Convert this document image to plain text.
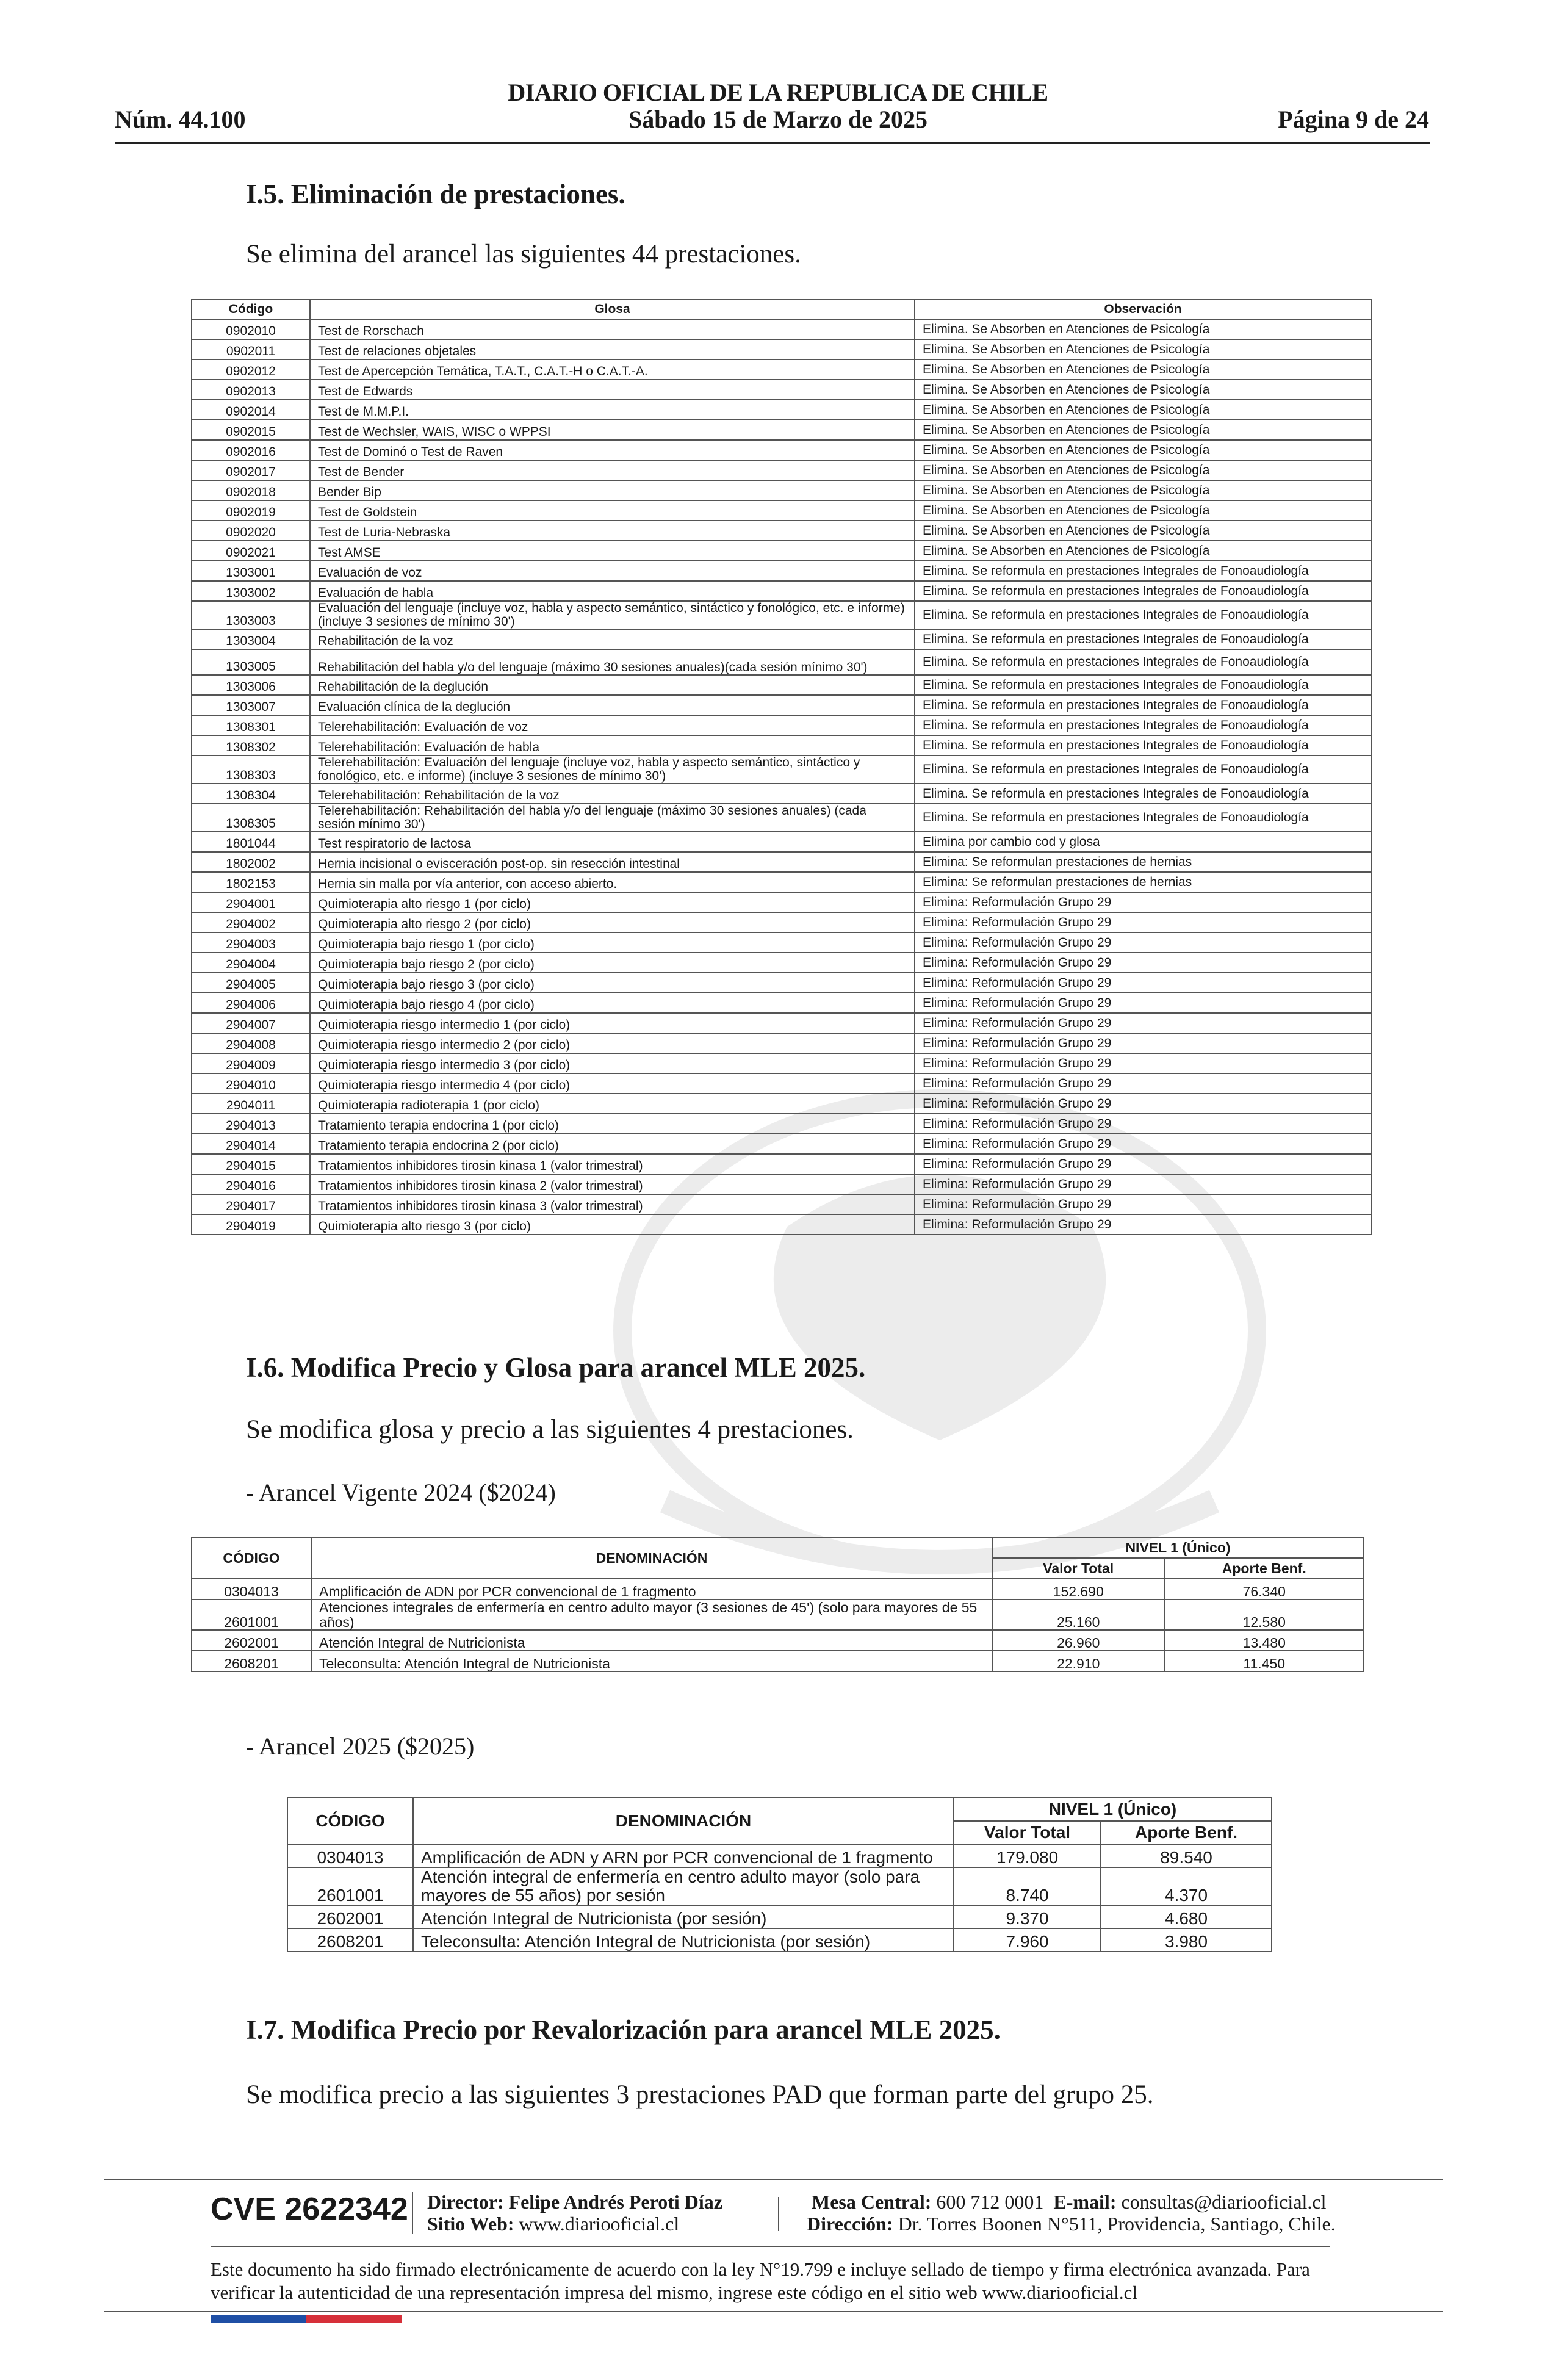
DIARIO OFICIAL DE LA REPUBLICA DE CHILE
Núm. 44.100	Sábado 15 de Marzo de 2025	Página 9 de 24
I.5. Eliminación de prestaciones.
Se elimina del arancel las siguientes 44 prestaciones.
Código	Glosa	Observación
0902010	Test de Rorschach	Elimina. Se Absorben en Atenciones de Psicología
0902011	Test de relaciones objetales	Elimina. Se Absorben en Atenciones de Psicología
0902012	Test de Apercepción Temática, T.A.T., C.A.T.-H o C.A.T.-A.	Elimina. Se Absorben en Atenciones de Psicología
0902013	Test de Edwards	Elimina. Se Absorben en Atenciones de Psicología
0902014	Test de M.M.P.I.	Elimina. Se Absorben en Atenciones de Psicología
0902015	Test de Wechsler, WAIS, WISC o WPPSI	Elimina. Se Absorben en Atenciones de Psicología
0902016	Test de Dominó o Test de Raven	Elimina. Se Absorben en Atenciones de Psicología
0902017	Test de Bender	Elimina. Se Absorben en Atenciones de Psicología
0902018	Bender Bip	Elimina. Se Absorben en Atenciones de Psicología
0902019	Test de Goldstein	Elimina. Se Absorben en Atenciones de Psicología
0902020	Test de Luria-Nebraska	Elimina. Se Absorben en Atenciones de Psicología
0902021	Test AMSE	Elimina. Se Absorben en Atenciones de Psicología
1303001	Evaluación de voz	Elimina. Se reformula en prestaciones Integrales de Fonoaudiología
1303002	Evaluación de habla	Elimina. Se reformula en prestaciones Integrales de Fonoaudiología
1303003	Evaluación del lenguaje (incluye voz, habla y aspecto semántico, sintáctico y fonológico, etc. e informe) (incluye 3 sesiones de mínimo 30')	Elimina. Se reformula en prestaciones Integrales de Fonoaudiología
1303004	Rehabilitación de la voz	Elimina. Se reformula en prestaciones Integrales de Fonoaudiología
1303005	Rehabilitación del habla y/o del lenguaje (máximo 30 sesiones anuales)(cada sesión mínimo 30')	Elimina. Se reformula en prestaciones Integrales de Fonoaudiología
1303006	Rehabilitación de la deglución	Elimina. Se reformula en prestaciones Integrales de Fonoaudiología
1303007	Evaluación clínica de la deglución	Elimina. Se reformula en prestaciones Integrales de Fonoaudiología
1308301	Telerehabilitación: Evaluación de voz	Elimina. Se reformula en prestaciones Integrales de Fonoaudiología
1308302	Telerehabilitación: Evaluación de habla	Elimina. Se reformula en prestaciones Integrales de Fonoaudiología
1308303	Telerehabilitación: Evaluación del lenguaje (incluye voz, habla y aspecto semántico, sintáctico y fonológico, etc. e informe) (incluye 3 sesiones de mínimo 30')	Elimina. Se reformula en prestaciones Integrales de Fonoaudiología
1308304	Telerehabilitación: Rehabilitación de la voz	Elimina. Se reformula en prestaciones Integrales de Fonoaudiología
1308305	Telerehabilitación: Rehabilitación del habla y/o del lenguaje (máximo 30 sesiones anuales) (cada sesión mínimo 30')	Elimina. Se reformula en prestaciones Integrales de Fonoaudiología
1801044	Test respiratorio de lactosa	Elimina por cambio cod y glosa
1802002	Hernia incisional o evisceración post-op. sin resección intestinal	Elimina: Se reformulan prestaciones de hernias
1802153	Hernia sin malla por vía anterior, con acceso abierto.	Elimina: Se reformulan prestaciones de hernias
2904001	Quimioterapia alto riesgo 1 (por ciclo)	Elimina: Reformulación Grupo 29
2904002	Quimioterapia alto riesgo 2 (por ciclo)	Elimina: Reformulación Grupo 29
2904003	Quimioterapia bajo riesgo 1 (por ciclo)	Elimina: Reformulación Grupo 29
2904004	Quimioterapia bajo riesgo 2 (por ciclo)	Elimina: Reformulación Grupo 29
2904005	Quimioterapia bajo riesgo 3 (por ciclo)	Elimina: Reformulación Grupo 29
2904006	Quimioterapia bajo riesgo 4 (por ciclo)	Elimina: Reformulación Grupo 29
2904007	Quimioterapia riesgo intermedio 1 (por ciclo)	Elimina: Reformulación Grupo 29
2904008	Quimioterapia riesgo intermedio 2 (por ciclo)	Elimina: Reformulación Grupo 29
2904009	Quimioterapia riesgo intermedio 3 (por ciclo)	Elimina: Reformulación Grupo 29
2904010	Quimioterapia riesgo intermedio 4 (por ciclo)	Elimina: Reformulación Grupo 29
2904011	Quimioterapia radioterapia 1 (por ciclo)	Elimina: Reformulación Grupo 29
2904013	Tratamiento terapia endocrina 1 (por ciclo)	Elimina: Reformulación Grupo 29
2904014	Tratamiento terapia endocrina 2 (por ciclo)	Elimina: Reformulación Grupo 29
2904015	Tratamientos inhibidores tirosin kinasa 1 (valor trimestral)	Elimina: Reformulación Grupo 29
2904016	Tratamientos inhibidores tirosin kinasa 2 (valor trimestral)	Elimina: Reformulación Grupo 29
2904017	Tratamientos inhibidores tirosin kinasa 3 (valor trimestral)	Elimina: Reformulación Grupo 29
2904019	Quimioterapia alto riesgo 3 (por ciclo)	Elimina: Reformulación Grupo 29
I.6. Modifica Precio y Glosa para arancel MLE 2025.
Se modifica glosa y precio a las siguientes 4 prestaciones.
- Arancel Vigente 2024 ($2024)
CÓDIGO	DENOMINACIÓN	NIVEL 1 (Único)	
		Valor Total	Aporte Benf.
0304013	Amplificación de ADN por PCR convencional de 1 fragmento	152.690	76.340
2601001	Atenciones integrales de enfermería en centro adulto mayor (3 sesiones de 45') (solo para mayores de 55 años)	25.160	12.580
2602001	Atención Integral de Nutricionista	26.960	13.480
2608201	Teleconsulta: Atención Integral de Nutricionista	22.910	11.450
- Arancel 2025 ($2025)
CÓDIGO	DENOMINACIÓN	NIVEL 1 (Único)	
		Valor Total	Aporte Benf.
0304013	Amplificación de ADN y ARN por PCR convencional de 1 fragmento	179.080	89.540
2601001	Atención integral de enfermería en centro adulto mayor (solo para mayores de 55 años) por sesión	8.740	4.370
2602001	Atención Integral de Nutricionista (por sesión)	9.370	4.680
2608201	Teleconsulta: Atención Integral de Nutricionista (por sesión)	7.960	3.980
I.7. Modifica Precio por Revalorización para arancel MLE 2025.
Se modifica precio a las siguientes 3 prestaciones PAD que forman parte del grupo 25.
CVE 2622342 Director: Felipe Andrés Peroti Díaz
Sitio Web: www.diariooficial.cl
Mesa Central: 600 712 0001 E-mail: consultas@diariooficial.cl
Dirección: Dr. Torres Boonen N°511, Providencia, Santiago, Chile.
Este documento ha sido firmado electrónicamente de acuerdo con la ley N°19.799 e incluye sellado de tiempo y firma electrónica avanzada. Para verificar la autenticidad de una representación impresa del mismo, ingrese este código en el sitio web www.diariooficial.cl
